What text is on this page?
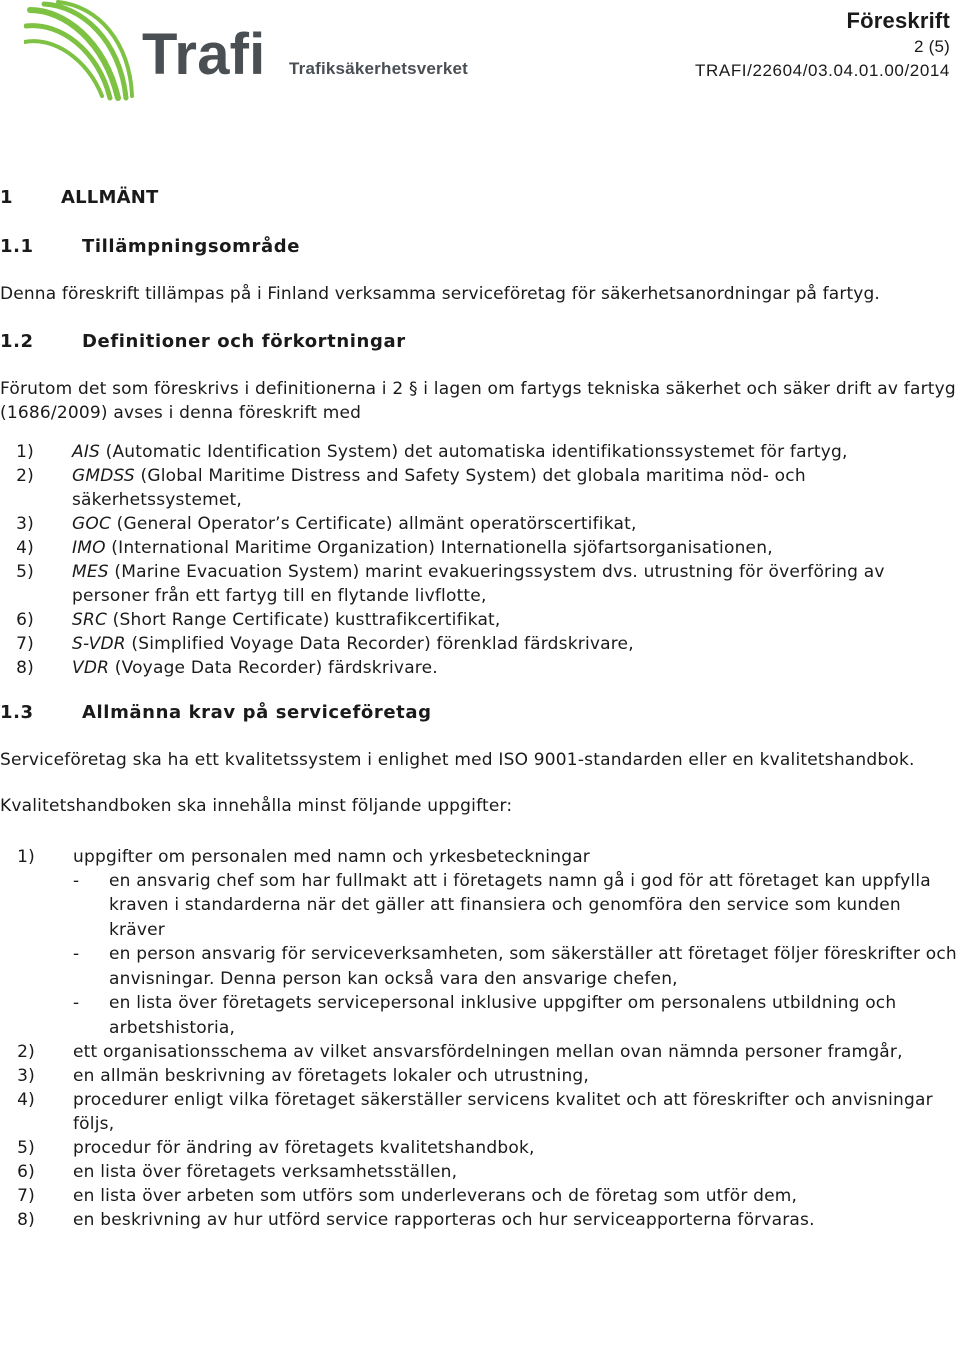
Trafi Trafiksäkerhetsverket
Föreskrift
2 (5)
TRAFI/22604/03.04.01.00/2014
1	ALLMÄNT
1.1	Tillämpningsområde

Denna föreskrift tillämpas på i Finland verksamma serviceföretag för säkerhetsanordningar på fartyg.

1.2	Definitioner och förkortningar

Förutom det som föreskrivs i definitionerna i 2 § i lagen om fartygs tekniska säkerhet och säker drift av fartyg (1686/2009) avses i denna föreskrift med

1)	AIS (Automatic Identification System) det automatiska identifikationssystemet för fartyg,
2)	GMDSS (Global Maritime Distress and Safety System) det globala maritima nöd- och säkerhetssystemet,
3)	GOC (General Operator’s Certificate) allmänt operatörscertifikat,
4)	IMO (International Maritime Organization) Internationella sjöfartsorganisationen,
5)	MES (Marine Evacuation System) marint evakueringssystem dvs. utrustning för överföring av personer från ett fartyg till en flytande livflotte,
6)	SRC (Short Range Certificate) kusttrafikcertifikat,
7)	S-VDR (Simplified Voyage Data Recorder) förenklad färdskrivare,
8)	VDR (Voyage Data Recorder) färdskrivare.
1.3	Allmänna krav på serviceföretag

Serviceföretag ska ha ett kvalitetssystem i enlighet med ISO 9001-standarden eller en kvalitetshandbok.

Kvalitetshandboken ska innehålla minst följande uppgifter:

1)	uppgifter om personalen med namn och yrkesbeteckningar
-	en ansvarig chef som har fullmakt att i företagets namn gå i god för att företaget kan uppfylla kraven i standarderna när det gäller att finansiera och genomföra den service som kunden kräver
-	en person ansvarig för serviceverksamheten, som säkerställer att företaget följer föreskrifter och anvisningar. Denna person kan också vara den ansvarige chefen,
-	en lista över företagets servicepersonal inklusive uppgifter om personalens utbildning och arbetshistoria,
2)	ett organisationsschema av vilket ansvarsfördelningen mellan ovan nämnda personer framgår,
3)	en allmän beskrivning av företagets lokaler och utrustning,
4)	procedurer enligt vilka företaget säkerställer servicens kvalitet och att föreskrifter och anvisningar följs,
5)	procedur för ändring av företagets kvalitetshandbok,
6)	en lista över företagets verksamhetsställen,
7)	en lista över arbeten som utförs som underleverans och de företag som utför dem,
8)	en beskrivning av hur utförd service rapporteras och hur serviceapporterna förvaras.
